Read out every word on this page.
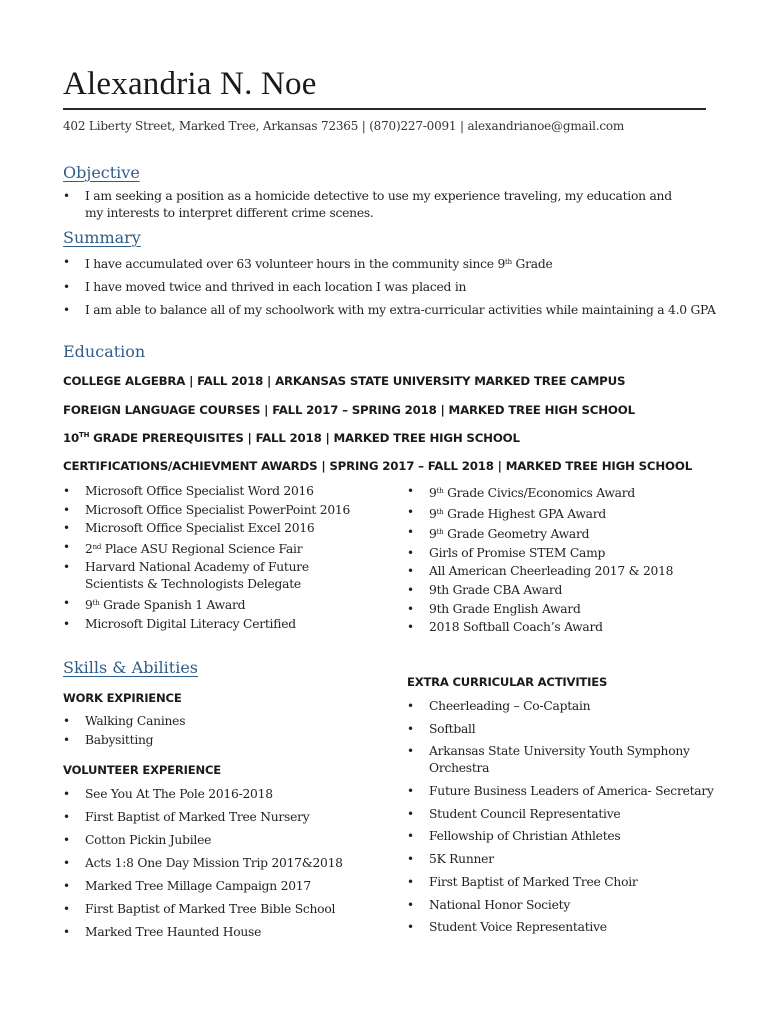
Alexandria N. Noe
402 Liberty Street, Marked Tree, Arkansas 72365 | (870)227-0091 | alexandrianoe@gmail.com
Objective
• I am seeking a position as a homicide detective to use my experience traveling, my education and my interests to interpret different crime scenes.
Summary
• I have accumulated over 63 volunteer hours in the community since 9th Grade
• I have moved twice and thrived in each location I was placed in
• I am able to balance all of my schoolwork with my extra-curricular activities while maintaining a 4.0 GPA
Education
COLLEGE ALGEBRA | FALL 2018 | ARKANSAS STATE UNIVERSITY MARKED TREE CAMPUS
FOREIGN LANGUAGE COURSES | FALL 2017 – SPRING 2018 | MARKED TREE HIGH SCHOOL
10TH GRADE PREREQUISITES | FALL 2018 | MARKED TREE HIGH SCHOOL
CERTIFICATIONS/ACHIEVMENT AWARDS | SPRING 2017 – FALL 2018 | MARKED TREE HIGH SCHOOL
• Microsoft Office Specialist Word 2016
• Microsoft Office Specialist PowerPoint 2016
• Microsoft Office Specialist Excel 2016
• 2nd Place ASU Regional Science Fair
• Harvard National Academy of Future Scientists & Technologists Delegate
• 9th Grade Spanish 1 Award
• Microsoft Digital Literacy Certified
• 9th Grade Civics/Economics Award
• 9th Grade Highest GPA Award
• 9th Grade Geometry Award
• Girls of Promise STEM Camp
• All American Cheerleading 2017 & 2018
• 9th Grade CBA Award
• 9th Grade English Award
• 2018 Softball Coach’s Award
Skills & Abilities
WORK EXPIRIENCE
• Walking Canines
• Babysitting
VOLUNTEER EXPERIENCE
• See You At The Pole 2016-2018
• First Baptist of Marked Tree Nursery
• Cotton Pickin Jubilee
• Acts 1:8 One Day Mission Trip 2017&2018
• Marked Tree Millage Campaign 2017
• First Baptist of Marked Tree Bible School
• Marked Tree Haunted House
EXTRA CURRICULAR ACTIVITIES
• Cheerleading – Co-Captain
• Softball
• Arkansas State University Youth Symphony Orchestra
• Future Business Leaders of America- Secretary
• Student Council Representative
• Fellowship of Christian Athletes
• 5K Runner
• First Baptist of Marked Tree Choir
• National Honor Society
• Student Voice Representative
